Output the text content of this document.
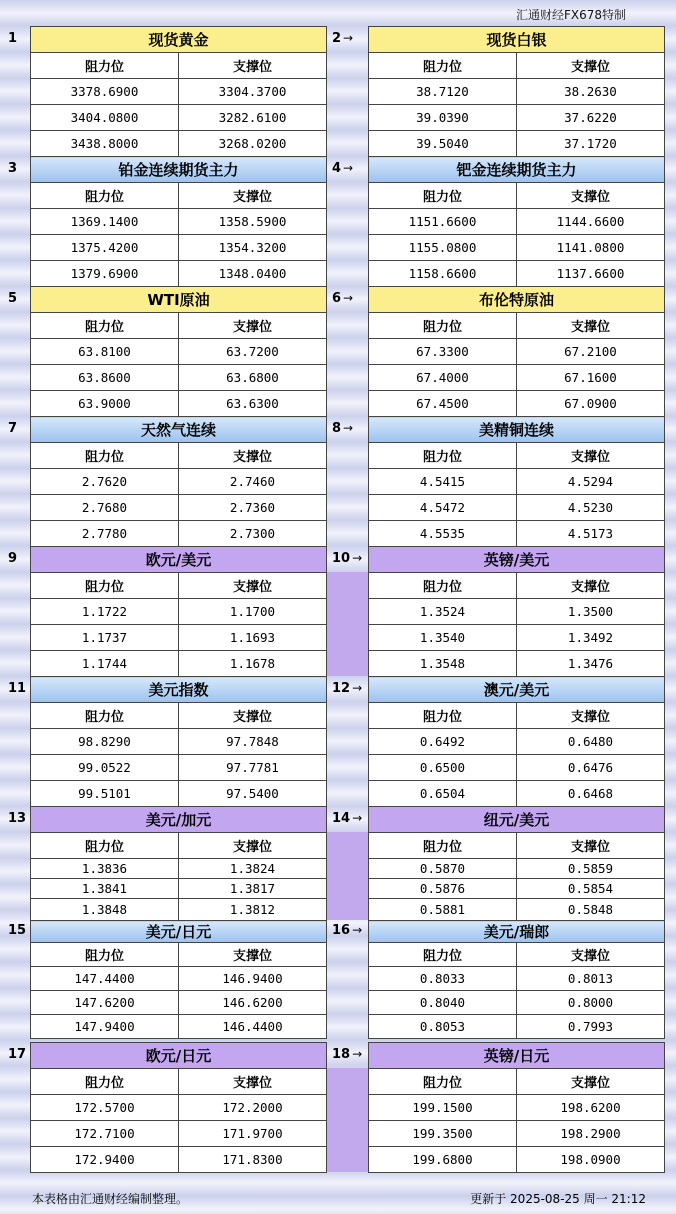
汇通财经FX678特制
1	2 →
现货黄金	
阻力位	支撑位
3378.6900	3304.3700
3404.0800	3282.6100
3438.8000	3268.0200
现货白银	
阻力位	支撑位
38.7120	38.2630
39.0390	37.6220
39.5040	37.1720
3	4 →
铂金连续期货主力	
阻力位	支撑位
1369.1400	1358.5900
1375.4200	1354.3200
1379.6900	1348.0400
钯金连续期货主力	
阻力位	支撑位
1151.6600	1144.6600
1155.0800	1141.0800
1158.6600	1137.6600
5	6 →
WTI原油	
阻力位	支撑位
63.8100	63.7200
63.8600	63.6800
63.9000	63.6300
布伦特原油	
阻力位	支撑位
67.3300	67.2100
67.4000	67.1600
67.4500	67.0900
7	8 →
天然气连续	
阻力位	支撑位
2.7620	2.7460
2.7680	2.7360
2.7780	2.7300
美精铜连续	
阻力位	支撑位
4.5415	4.5294
4.5472	4.5230
4.5535	4.5173
9	10 →
欧元/美元	
阻力位	支撑位
1.1722	1.1700
1.1737	1.1693
1.1744	1.1678
英镑/美元	
阻力位	支撑位
1.3524	1.3500
1.3540	1.3492
1.3548	1.3476
11	12 →
美元指数	
阻力位	支撑位
98.8290	97.7848
99.0522	97.7781
99.5101	97.5400
澳元/美元	
阻力位	支撑位
0.6492	0.6480
0.6500	0.6476
0.6504	0.6468
13	14 →
美元/加元	
阻力位	支撑位
1.3836	1.3824
1.3841	1.3817
1.3848	1.3812
纽元/美元	
阻力位	支撑位
0.5870	0.5859
0.5876	0.5854
0.5881	0.5848
15	16 →
美元/日元	
阻力位	支撑位
147.4400	146.9400
147.6200	146.6200
147.9400	146.4400
美元/瑞郎	
阻力位	支撑位
0.8033	0.8013
0.8040	0.8000
0.8053	0.7993
17	18 →
欧元/日元	
阻力位	支撑位
172.5700	172.2000
172.7100	171.9700
172.9400	171.8300
英镑/日元	
阻力位	支撑位
199.1500	198.6200
199.3500	198.2900
199.6800	198.0900
本表格由汇通财经编制整理。	更新于 2025-08-25 周一 21:12
